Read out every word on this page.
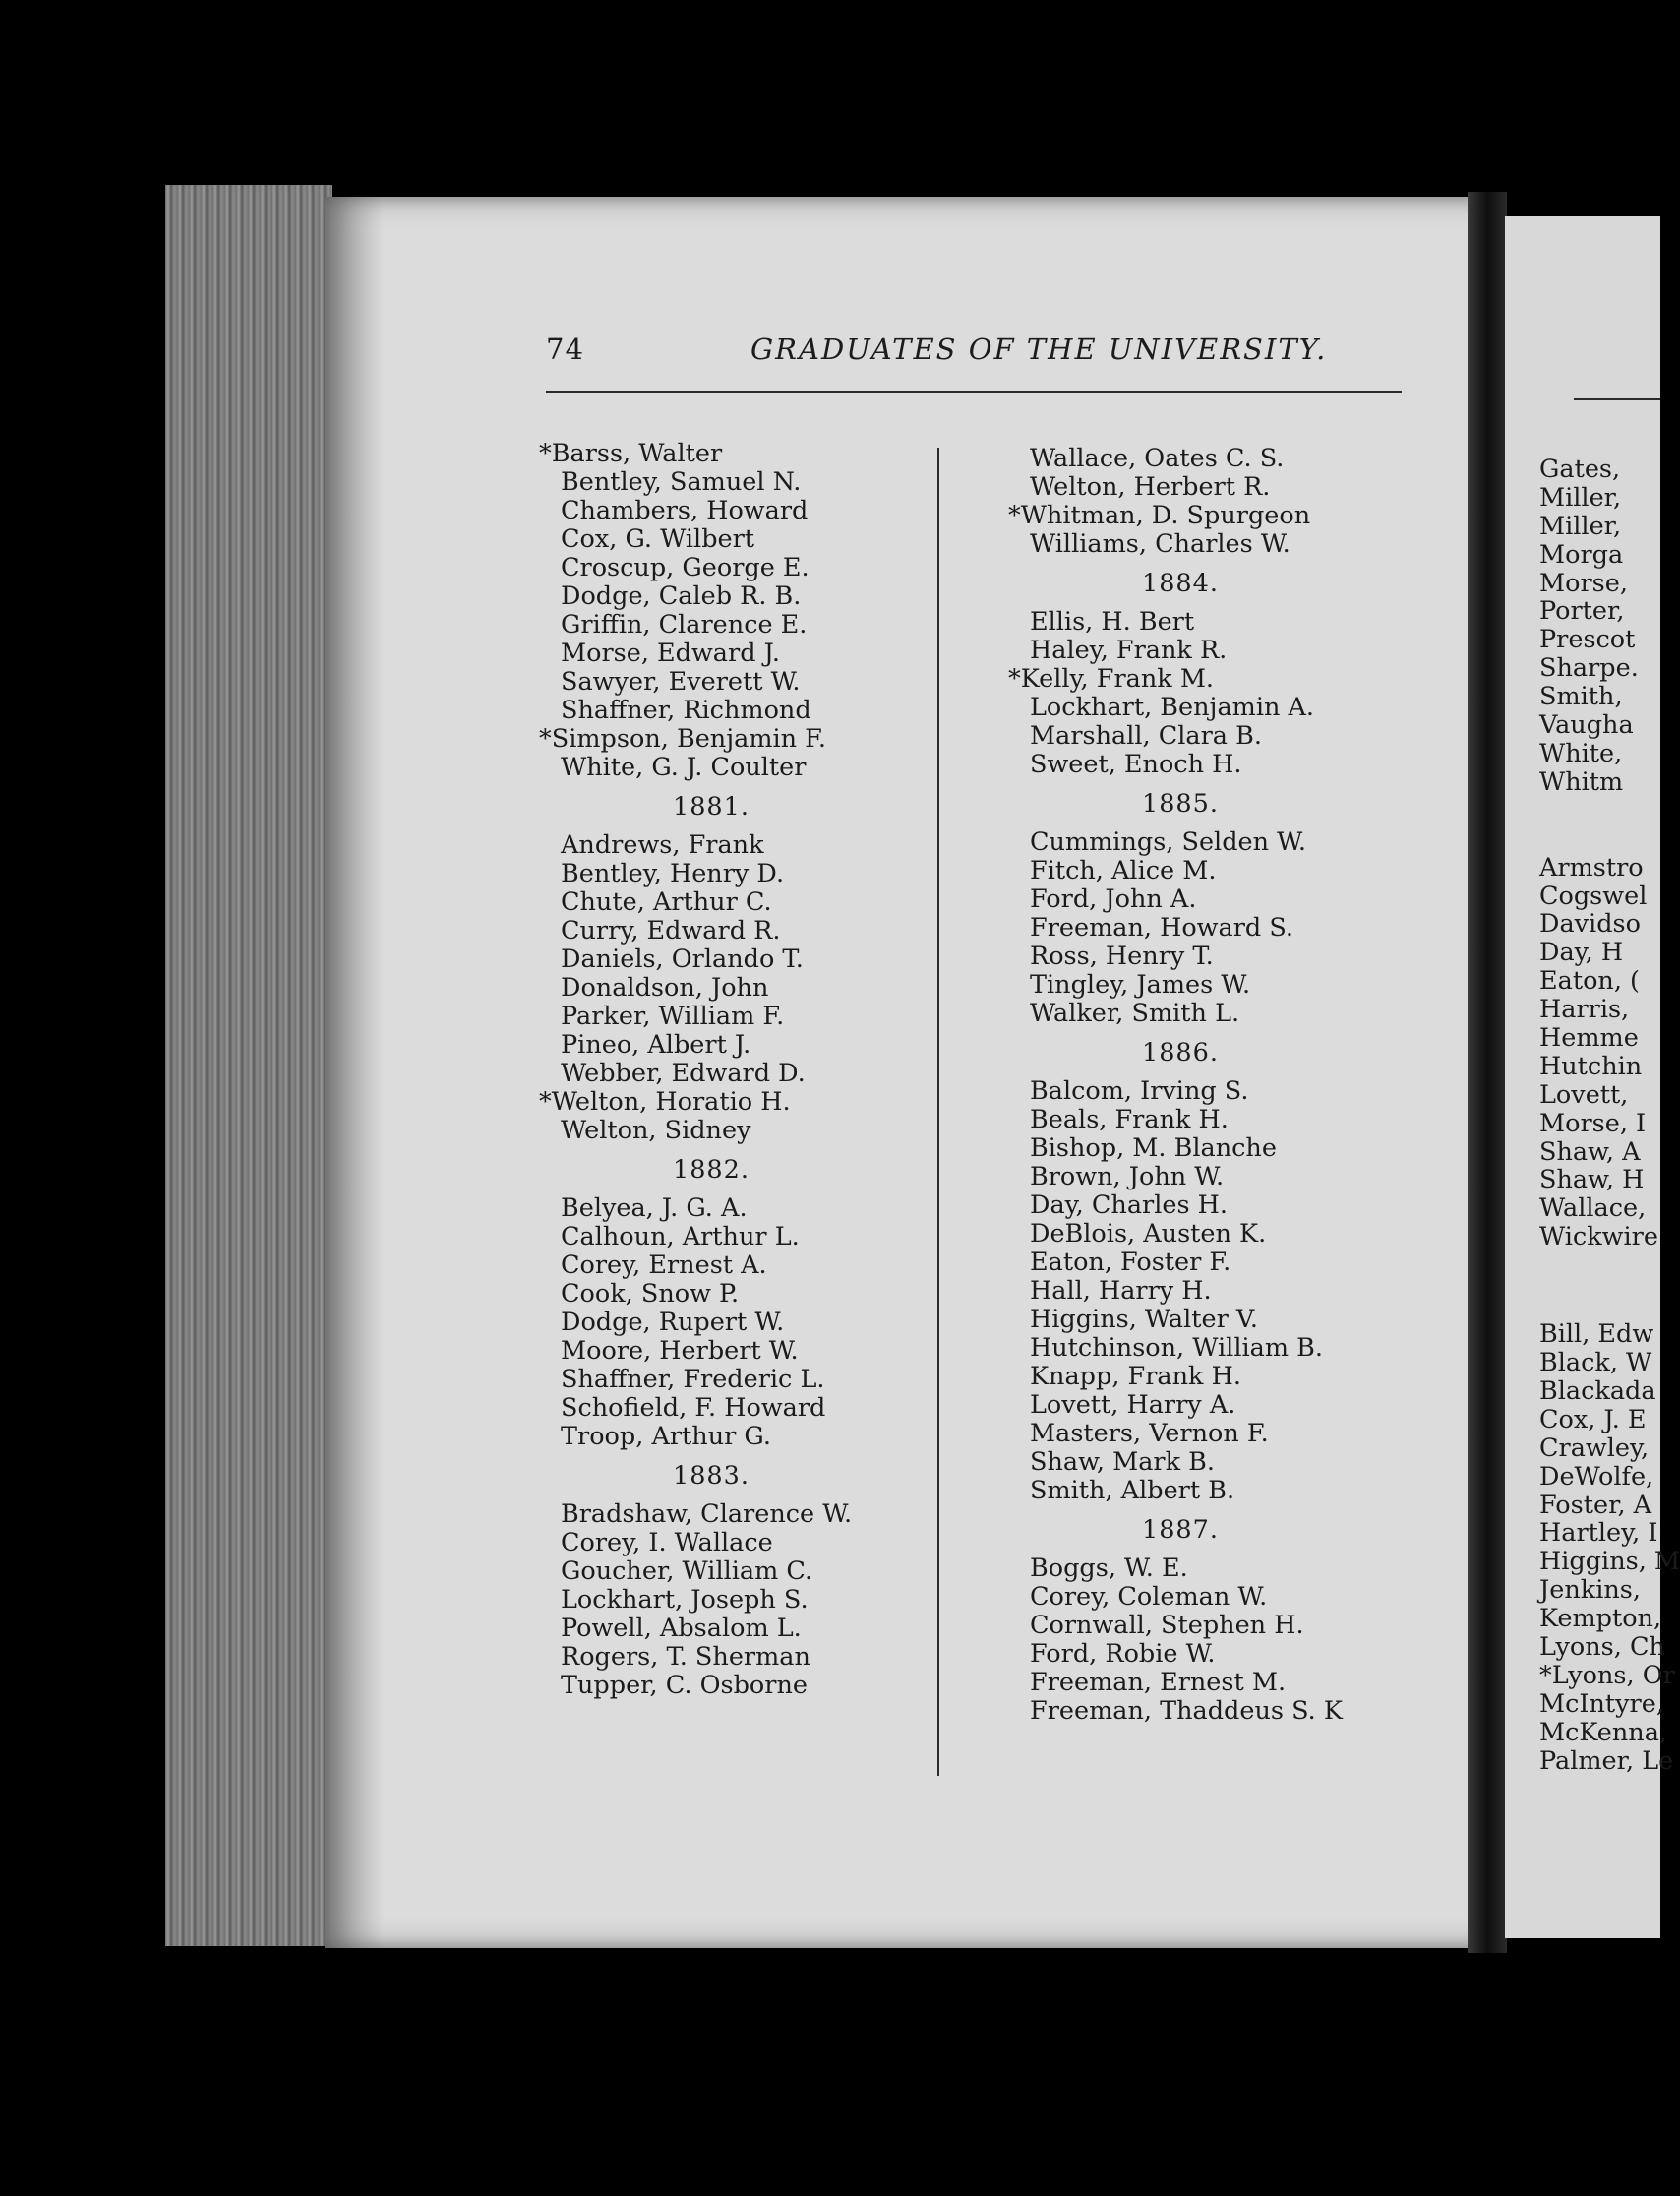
74	GRADUATES OF THE UNIVERSITY.
*Barss, Walter
Bentley, Samuel N.
Chambers, Howard
Cox, G. Wilbert
Croscup, George E.
Dodge, Caleb R. B.
Griffin, Clarence E.
Morse, Edward J.
Sawyer, Everett W.
Shaffner, Richmond
*Simpson, Benjamin F.
White, G. J. Coulter
1881.
Andrews, Frank
Bentley, Henry D.
Chute, Arthur C.
Curry, Edward R.
Daniels, Orlando T.
Donaldson, John
Parker, William F.
Pineo, Albert J.
Webber, Edward D.
*Welton, Horatio H.
Welton, Sidney
1882.
Belyea, J. G. A.
Calhoun, Arthur L.
Corey, Ernest A.
Cook, Snow P.
Dodge, Rupert W.
Moore, Herbert W.
Shaffner, Frederic L.
Schofield, F. Howard
Troop, Arthur G.
1883.
Bradshaw, Clarence W.
Corey, I. Wallace
Goucher, William C.
Lockhart, Joseph S.
Powell, Absalom L.
Rogers, T. Sherman
Tupper, C. Osborne
Wallace, Oates C. S.
Welton, Herbert R.
*Whitman, D. Spurgeon
Williams, Charles W.
1884.
Ellis, H. Bert
Haley, Frank R.
*Kelly, Frank M.
Lockhart, Benjamin A.
Marshall, Clara B.
Sweet, Enoch H.
1885.
Cummings, Selden W.
Fitch, Alice M.
Ford, John A.
Freeman, Howard S.
Ross, Henry T.
Tingley, James W.
Walker, Smith L.
1886.
Balcom, Irving S.
Beals, Frank H.
Bishop, M. Blanche
Brown, John W.
Day, Charles H.
DeBlois, Austen K.
Eaton, Foster F.
Hall, Harry H.
Higgins, Walter V.
Hutchinson, William B.
Knapp, Frank H.
Lovett, Harry A.
Masters, Vernon F.
Shaw, Mark B.
Smith, Albert B.
1887.
Boggs, W. E.
Corey, Coleman W.
Cornwall, Stephen H.
Ford, Robie W.
Freeman, Ernest M.
Freeman, Thaddeus S. K
Gates,
Miller,
Miller,
Morga
Morse,
Porter,
Prescot
Sharpe.
Smith,
Vaugha
White,
Whitm
Armstro
Cogswel
Davidso
Day, H
Eaton, (
Harris,
Hemme
Hutchin
Lovett,
Morse, I
Shaw, A
Shaw, H
Wallace,
Wickwire
Bill, Edw
Black, W
Blackada
Cox, J. E
Crawley,
DeWolfe,
Foster, A
Hartley, I
Higgins, M
Jenkins,
Kempton,
Lyons, Ch
*Lyons, Or
McIntyre,
McKenna,
Palmer, Le
